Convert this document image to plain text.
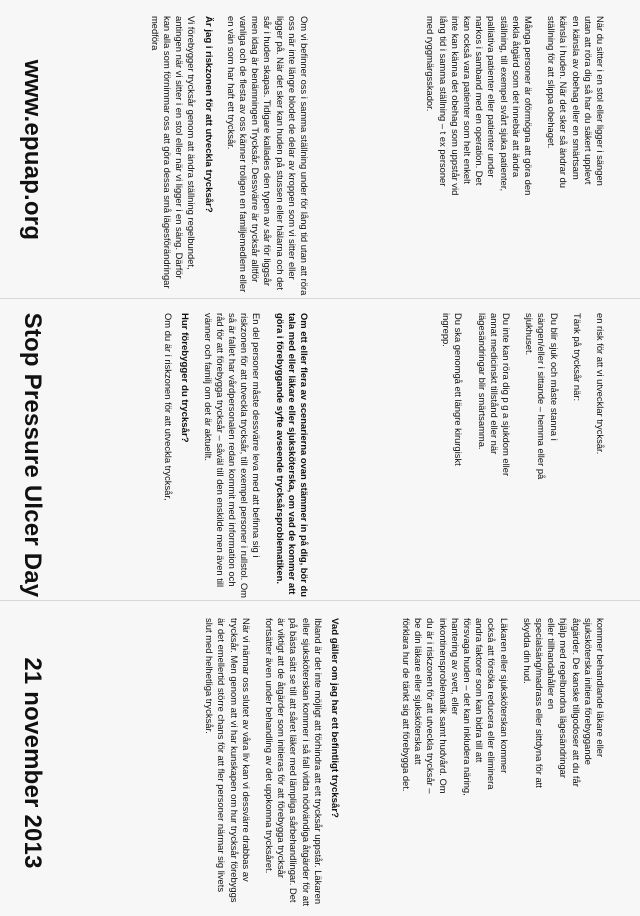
När du sitter i en stol eller ligger i sängen utan att röra dig så har du säkert upplevt en känsla av obehag eller en smärtsam känsla i huden. När det sker så ändrar du ställning för att slippa obehaget.

Många personer är oförmögna att göra den enkla åtgärd som det innebär att ändra ställning, till exempel svårt sjuka patienter, palliativa patienter eller patienter under narkos i samband med en operation. Det kan också vara patienter som helt enkelt inte kan känna det obehag som uppstår vid lång tid i samma ställning – t ex personer med ryggmärgsskador.

www.epuap.org

en risk för att vi utvecklar trycksår.

Tänk på trycksår när:

Du blir sjuk och måste stanna i sängen/eller i sittande – hemma eller på sjukhuset.

Du inte kan röra dig p g a sjukdom eller annat medicinskt tillstånd eller när lägesändringar blir smärtsamma.

Du ska genomgå ett längre kirurgiskt ingrepp.

Stop Pressure Ulcer Day

kommer behandlande läkare eller sjuksköterska initiera förebyggande åtgärder. De kanske tillgodoser att du får hjälp med regelbundna lägesändringar eller tillhandahåller en specialsäng/madrass eller sittdyna för att skydda din hud.

Läkaren eller sjuksköterskan kommer också att försöka reducera eller eliminera andra faktorer som kan bidra till att försvaga huden – det kan inkludera näring, hantering av svett, eller inkontinensproblematik samt hudvård. Om du är i riskzonen för att utveckla trycksår – be din läkare eller sjuksköterska att förklara hur de tänkt sig att förebygga det.

21 november 2013

Om vi befinner oss i samma ställning under för lång tid utan att röra oss när inte längre blodet de delar av kroppen som vi sitter eller ligger på. När det sker kan huden på stussen eller hälarna och det sår i huden skapas. Tidigare kallades den typen av sår för liggsår men idag är benämningen Trycksår. Dessvärre är trycksår alltför vanliga och de flesta av oss känner troligen en familjemedlem eller en vän som har haft ett trycksår.

Är jag i riskzonen för att utveckla trycksår?

Vi förebygger trycksår genom att ändra ställning regelbundet, antingen när vi sitter i en stol eller när vi ligger i en säng. Därför kan alla som förnimmar oss att göra dessa små lägesförändringar medföra

Om ett eller flera av scenarierna ovan stämmer in på dig, bör du tala med eller läkare eller sjuksköterska, om vad de kommer att göra i förebyggande syfte avseende trycksårsproblematiken.

En del personer måste dessvärre leva med att befinna sig i riskzonen för att utveckla trycksår, till exempel personer i rullstol. Om så är fallet har vårdpersonalen redan kommit med information och råd för att förebygga trycksår – såväl till den enskilde men även till vänner och familj om det är aktuellt.

Hur förebygger du trycksår?

Om du är i riskzonen för att utveckla trycksår,

Vad gäller om jag har ett befintligt trycksår?

Ibland är det inte möjligt att förhindra att ett trycksår uppstår. Läkaren eller sjuksköterskan kommer i så fall vidta nödvändiga åtgärder för att på bästa sätt se till att såret läker med lämpliga sårbehandlingar. Det är viktigt att de åtgärder som initieras för att förebygga trycksår fortsätter även under behandling av det uppkomna trycksåret.

När vi närmar oss slutet av våra liv kan vi dessvärre drabbas av trycksår. Men genom att vi har kunskapen om hur trycksår förebyggs är det emellertid större chans för att fler personer närmar sig livets slut med helhetliga trycksår.
